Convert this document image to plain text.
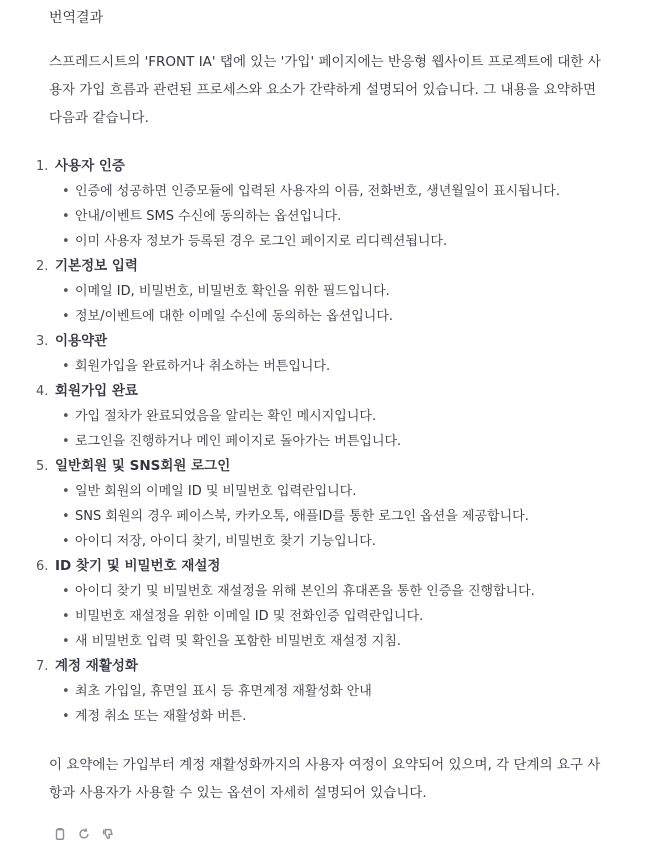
번역결과
스프레드시트의 'FRONT IA' 탭에 있는 '가입' 페이지에는 반응형 웹사이트 프로젝트에 대한 사용자 가입 흐름과 관련된 프로세스와 요소가 간략하게 설명되어 있습니다. 그 내용을 요약하면 다음과 같습니다.
1. 사용자 인증
• 인증에 성공하면 인증모듈에 입력된 사용자의 이름, 전화번호, 생년월일이 표시됩니다.
• 안내/이벤트 SMS 수신에 동의하는 옵션입니다.
• 이미 사용자 정보가 등록된 경우 로그인 페이지로 리디렉션됩니다.
2. 기본정보 입력
• 이메일 ID, 비밀번호, 비밀번호 확인을 위한 필드입니다.
• 정보/이벤트에 대한 이메일 수신에 동의하는 옵션입니다.
3. 이용약관
• 회원가입을 완료하거나 취소하는 버튼입니다.
4. 회원가입 완료
• 가입 절차가 완료되었음을 알리는 확인 메시지입니다.
• 로그인을 진행하거나 메인 페이지로 돌아가는 버튼입니다.
5. 일반회원 및 SNS회원 로그인
• 일반 회원의 이메일 ID 및 비밀번호 입력란입니다.
• SNS 회원의 경우 페이스북, 카카오톡, 애플ID를 통한 로그인 옵션을 제공합니다.
• 아이디 저장, 아이디 찾기, 비밀번호 찾기 기능입니다.
6. ID 찾기 및 비밀번호 재설정
• 아이디 찾기 및 비밀번호 재설정을 위해 본인의 휴대폰을 통한 인증을 진행합니다.
• 비밀번호 재설정을 위한 이메일 ID 및 전화인증 입력란입니다.
• 새 비밀번호 입력 및 확인을 포함한 비밀번호 재설정 지침.
7. 계정 재활성화
• 최초 가입일, 휴면일 표시 등 휴면계정 재활성화 안내
• 계정 취소 또는 재활성화 버튼.
이 요약에는 가입부터 계정 재활성화까지의 사용자 여정이 요약되어 있으며, 각 단계의 요구 사항과 사용자가 사용할 수 있는 옵션이 자세히 설명되어 있습니다.
